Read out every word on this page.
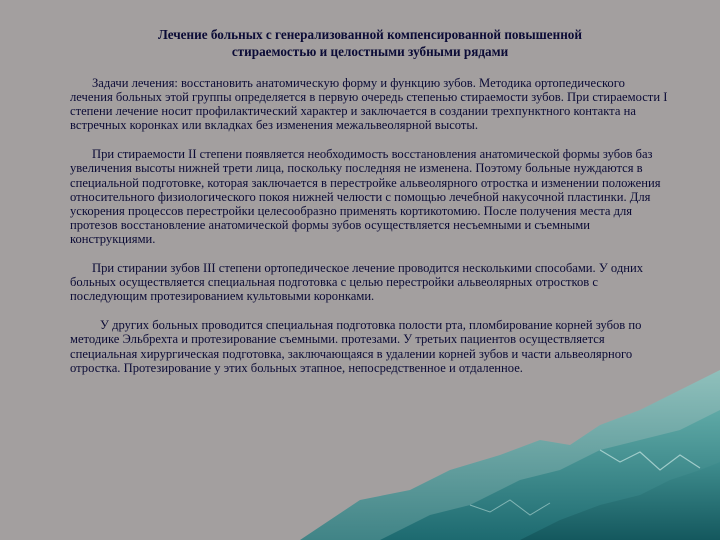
Лечение больных с генерализованной компенсированной повышенной
стираемостью и целостными зубными рядами

Задачи лечения: восстановить анатомическую форму и функцию зубов. Методика ортопедического лечения больных этой группы определяется в первую очередь степенью стираемости зубов. При стираемости I степени лечение носит профилактический характер и заключается в создании трехпунктного контакта на встречных коронках или вкладках без изменения межальвеолярной высоты.

При стираемости II степени появляется необходимость восстановления анатомической формы зубов баз увеличения высоты нижней трети лица, поскольку последняя не изменена. Поэтому больные нуждаются в специальной подготовке, которая заключается в перестройке альвеолярного отростка и изменении положения относительного физиологического покоя нижней челюсти с помощью лечебной накусочной пластинки. Для ускорения процессов перестройки целесообразно применять кортикотомию. После получения места для протезов восстановление анатомической формы зубов осуществляется несъемными и съемными конструкциями.

При стирании зубов III степени ортопедическое лечение проводится несколькими способами. У одних больных осуществляется специальная подготовка с целью перестройки альвеолярных отростков с последующим протезированием культовыми коронками.

У других больных проводится специальная подготовка полости рта, пломбирование корней зубов по методике Эльбрехта и протезирование съемными. протезами. У третьих пациентов осуществляется специальная хирургическая подготовка, заключающаяся в удалении корней зубов и части альвеолярного отростка. Протезирование у этих больных этапное, непосредственное и отдаленное.
